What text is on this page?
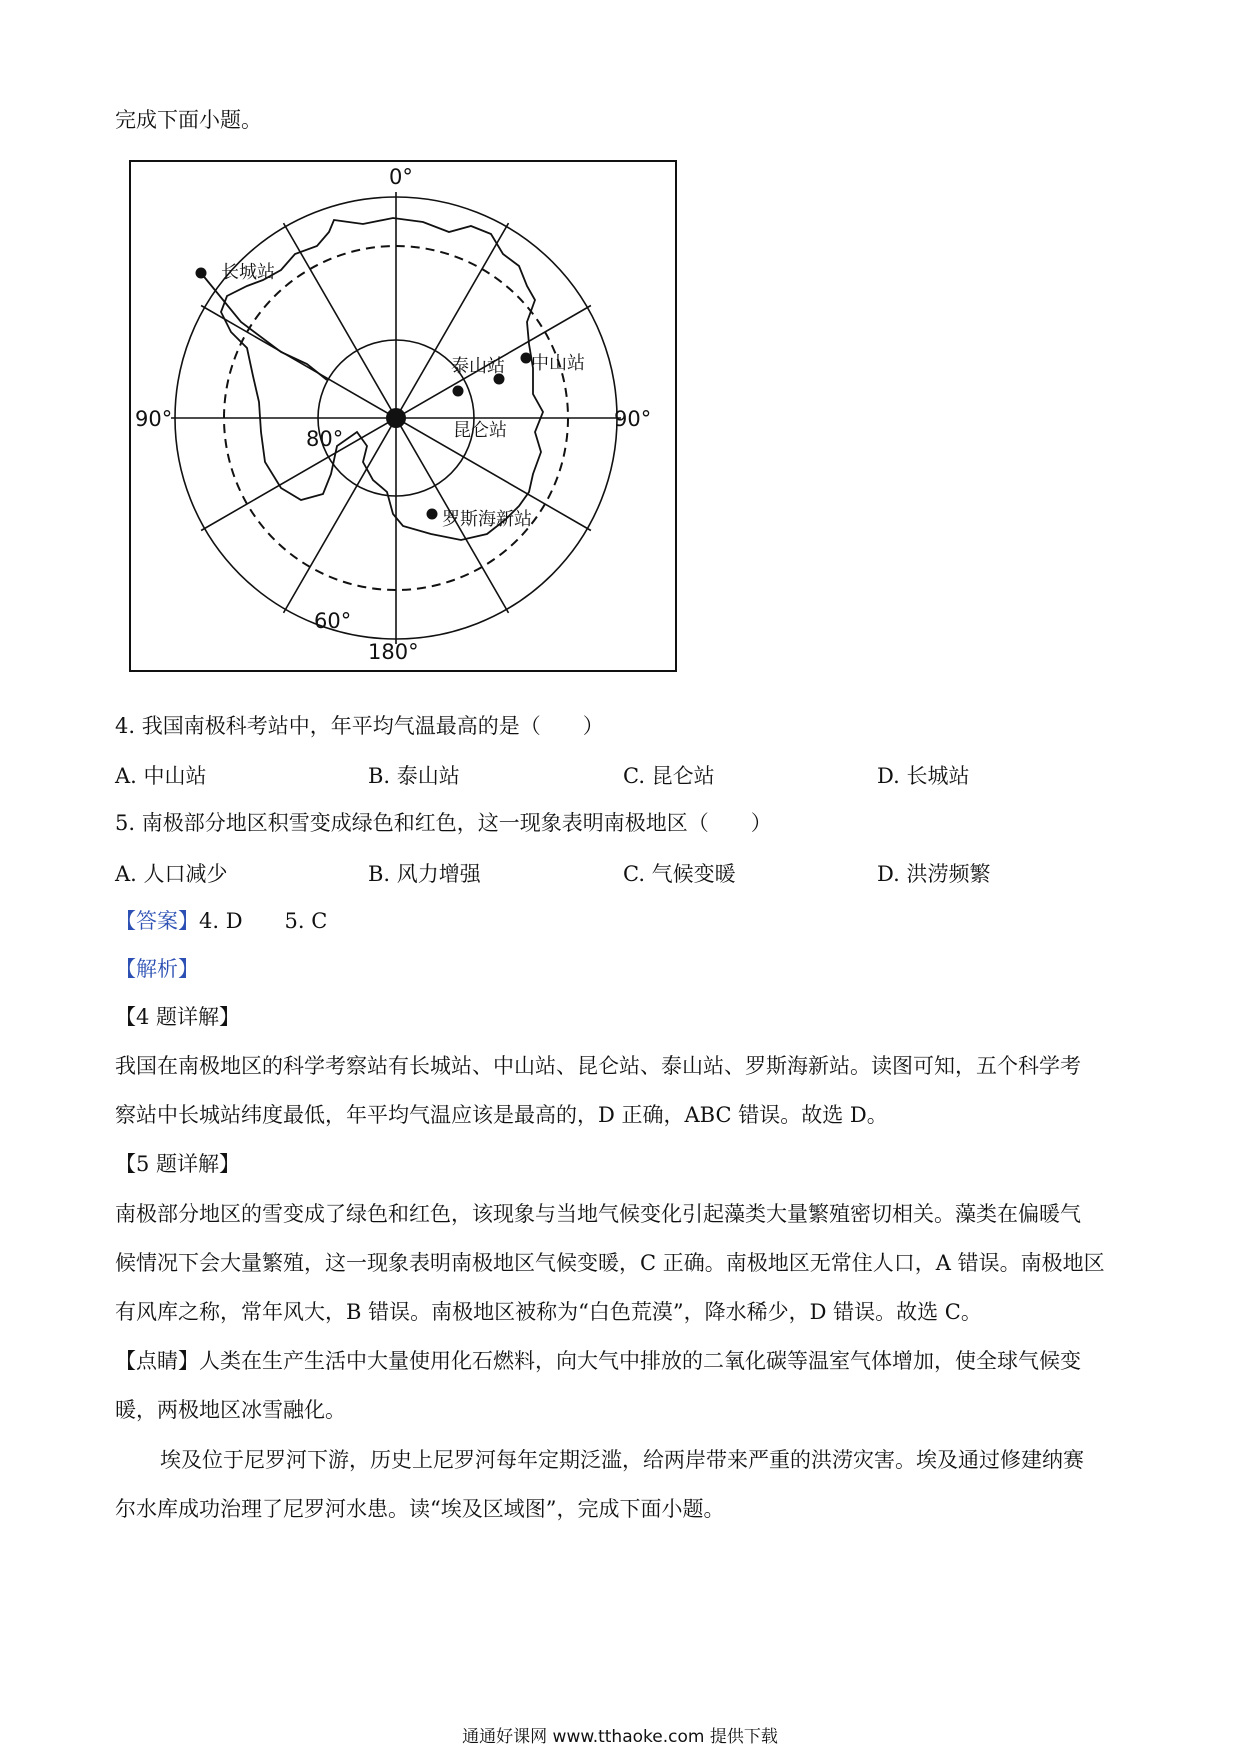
完成下面小题。
0°
180°
90°	90°
80°
60°
长城站
泰山站 中山站
昆仑站
罗斯海新站
4. 我国南极科考站中，年平均气温最高的是（　　）
A. 中山站	B. 泰山站	C. 昆仑站	D. 长城站
5. 南极部分地区积雪变成绿色和红色，这一现象表明南极地区（　　）
A. 人口减少	B. 风力增强	C. 气候变暖	D. 洪涝频繁
【答案】4. D　　5. C
【解析】
【4 题详解】
我国在南极地区的科学考察站有长城站、中山站、昆仑站、泰山站、罗斯海新站。读图可知，五个科学考
察站中长城站纬度最低，年平均气温应该是最高的，D 正确，ABC 错误。故选 D。
【5 题详解】
南极部分地区的雪变成了绿色和红色，该现象与当地气候变化引起藻类大量繁殖密切相关。藻类在偏暖气
候情况下会大量繁殖，这一现象表明南极地区气候变暖，C 正确。南极地区无常住人口，A 错误。南极地区
有风库之称，常年风大，B 错误。南极地区被称为“白色荒漠”，降水稀少，D 错误。故选 C。
【点睛】人类在生产生活中大量使用化石燃料，向大气中排放的二氧化碳等温室气体增加，使全球气候变
暖，两极地区冰雪融化。
埃及位于尼罗河下游，历史上尼罗河每年定期泛滥，给两岸带来严重的洪涝灾害。埃及通过修建纳赛
尔水库成功治理了尼罗河水患。读“埃及区域图”，完成下面小题。
通通好课网 www.tthaoke.com 提供下载
